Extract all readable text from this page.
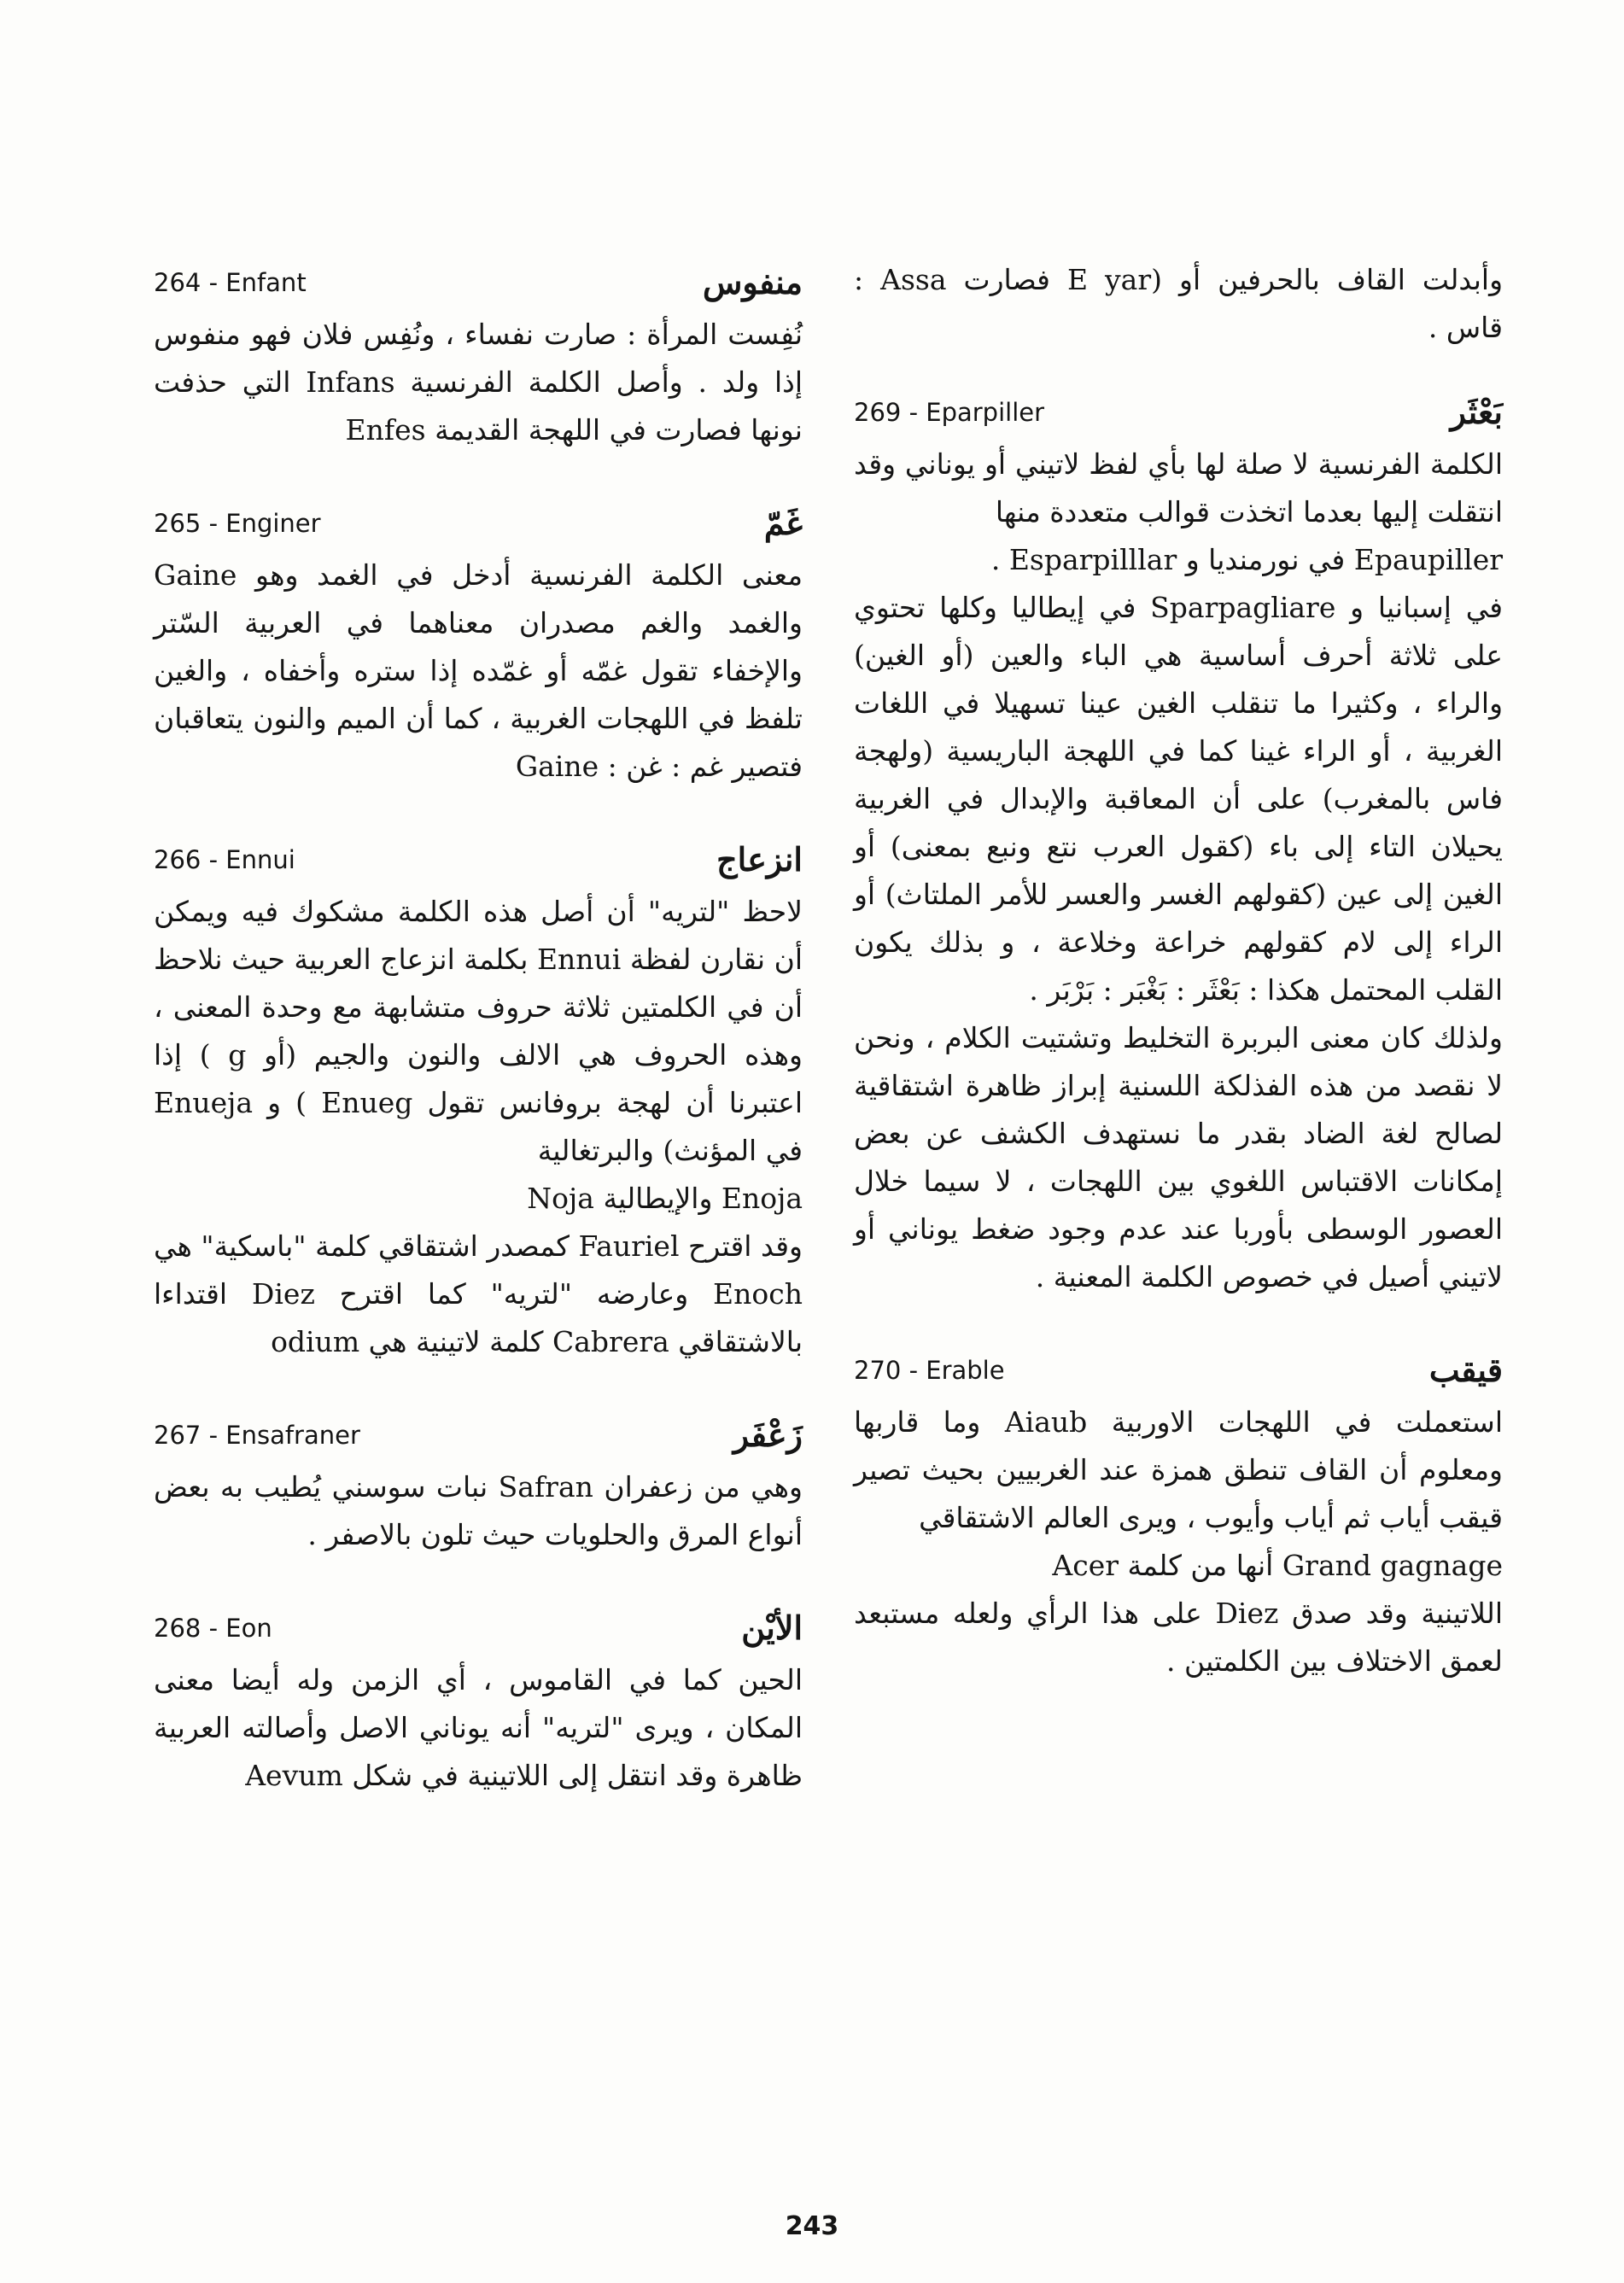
وأبدلت القاف بالحرفين أو (E yar فصارت Assa : قاس .

بَعْثَر
269 - Eparpiller

الكلمة الفرنسية لا صلة لها بأي لفظ لاتيني أو يوناني وقد انتقلت إليها بعدما اتخذت قوالب متعددة منها

Epaupiller في نورمنديا و Esparpilllar .

في إسبانيا و Sparpagliare في إيطاليا وكلها تحتوي على ثلاثة أحرف أساسية هي الباء والعين (أو الغين) والراء ، وكثيرا ما تنقلب الغين عينا تسهيلا في اللغات الغربية ، أو الراء غينا كما في اللهجة الباريسية (ولهجة فاس بالمغرب) على أن المعاقبة والإبدال في الغربية يحيلان التاء إلى باء (كقول العرب نتع ونبع بمعنى) أو الغين إلى عين (كقولهم الغسر والعسر للأمر الملتاث) أو الراء إلى لام كقولهم خراعة وخلاعة ، و بذلك يكون القلب المحتمل هكذا : بَعْثَر : بَغْبَر : بَرْبَر .

ولذلك كان معنى البربرة التخليط وتشتيت الكلام ، ونحن لا نقصد من هذه الفذلكة اللسنية إبراز ظاهرة اشتقاقية لصالح لغة الضاد بقدر ما نستهدف الكشف عن بعض إمكانات الاقتباس اللغوي بين اللهجات ، لا سيما خلال العصور الوسطى بأوربا عند عدم وجود ضغط يوناني أو لاتيني أصيل في خصوص الكلمة المعنية .

قيقب
270 - Erable

استعملت في اللهجات الاوربية Aiaub وما قاربها ومعلوم أن القاف تنطق همزة عند الغربيين بحيث تصير قيقب أياب ثم أياب وأيوب ، ويرى العالم الاشتقاقي

Grand gagnage أنها من كلمة Acer

اللاتينية وقد صدق Diez على هذا الرأي ولعله مستبعد لعمق الاختلاف بين الكلمتين .

منفوس
264 - Enfant

نُفِست المرأة : صارت نفساء ، ونُفِس فلان فهو منفوس إذا ولد . وأصل الكلمة الفرنسية Infans التي حذفت نونها فصارت في اللهجة القديمة Enfes

غَمّ
265 - Enginer

معنى الكلمة الفرنسية أدخل في الغمد وهو Gaine والغمد والغم مصدران معناهما في العربية السّتر والإخفاء تقول غمّه أو غمّده إذا ستره وأخفاه ، والغين تلفظ في اللهجات الغربية ، كما أن الميم والنون يتعاقبان فتصير غم : غن : Gaine

انزعاج
266 - Ennui

لاحظ "لتريه" أن أصل هذه الكلمة مشكوك فيه ويمكن أن نقارن لفظة Ennui بكلمة انزعاج العربية حيث نلاحظ أن في الكلمتين ثلاثة حروف متشابهة مع وحدة المعنى ، وهذه الحروف هي الالف والنون والجيم (أو g ) إذا اعتبرنا أن لهجة بروفانس تقول Enueg ) و Enueja في المؤنث) والبرتغالية

Enoja والإيطالية Noja

وقد اقترح Fauriel كمصدر اشتقاقي كلمة "باسكية" هي Enoch وعارضه "لتريه" كما اقترح Diez اقتداءا بالاشتقاقي Cabrera كلمة لاتينية هي odium

زَعْفَر
267 - Ensafraner

وهي من زعفران Safran نبات سوسني يُطيب به بعض أنواع المرق والحلويات حيث تلون بالاصفر .

الأيْن
268 - Eon

الحين كما في القاموس ، أي الزمن وله أيضا معنى المكان ، ويرى "لتريه" أنه يوناني الاصل وأصالته العربية ظاهرة وقد انتقل إلى اللاتينية في شكل Aevum

243
